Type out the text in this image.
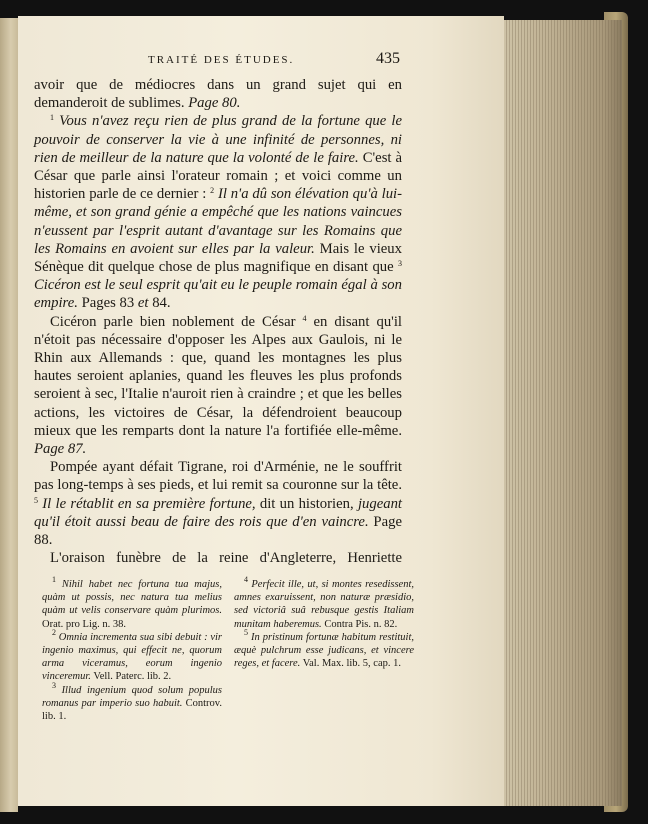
TRAITÉ DES ÉTUDES.	435

avoir que de médiocres dans un grand sujet qui en demanderoit de sublimes. Page 80.

$^1$ Vous n'avez reçu rien de plus grand de la fortune que le pouvoir de conserver la vie à une infinité de personnes, ni rien de meilleur de la nature que la volonté de le faire. C'est à César que parle ainsi l'orateur romain ; et voici comme un historien parle de ce dernier : $^2$ Il n'a dû son élévation qu'à lui-même, et son grand génie a empêché que les nations vaincues n'eussent par l'esprit autant d'avantage sur les Romains que les Romains en avoient sur elles par la valeur. Mais le vieux Sénèque dit quelque chose de plus magnifique en disant que $^3$ Cicéron est le seul esprit qu'ait eu le peuple romain égal à son empire. Pages 83 et 84.

Cicéron parle bien noblement de César $^4$ en disant qu'il n'étoit pas nécessaire d'opposer les Alpes aux Gaulois, ni le Rhin aux Allemands : que, quand les montagnes les plus hautes seroient aplanies, quand les fleuves les plus profonds seroient à sec, l'Italie n'auroit rien à craindre ; et que les belles actions, les victoires de César, la défendroient beaucoup mieux que les remparts dont la nature l'a fortifiée elle-même. Page 87.

Pompée ayant défait Tigrane, roi d'Arménie, ne le souffrit pas long-temps à ses pieds, et lui remit sa couronne sur la tête. $^5$ Il le rétablit en sa première fortune, dit un historien, jugeant qu'il étoit aussi beau de faire des rois que d'en vaincre. Page 88.

L'oraison funèbre de la reine d'Angleterre, Henriette

$^1$ Nihil habet nec fortuna tua majus, quàm ut possis, nec natura tua melius quàm ut velis conservare quàm plurimos. Orat. pro Lig. n. 38.

$^2$ Omnia incrementa sua sibi debuit : vir ingenio maximus, qui effecit ne, quorum arma viceramus, eorum ingenio vinceremur. Vell. Paterc. lib. 2.

$^3$ Illud ingenium quod solum populus romanus par imperio suo habuit. Controv. lib. 1.

$^4$ Perfecit ille, ut, si montes resedissent, amnes exaruissent, non naturæ præsidio, sed victoriâ suâ rebusque gestis Italiam munitam haberemus. Contra Pis. n. 82.

$^5$ In pristinum fortunæ habitum restituit, æquè pulchrum esse judicans, et vincere reges, et facere. Val. Max. lib. 5, cap. 1.
